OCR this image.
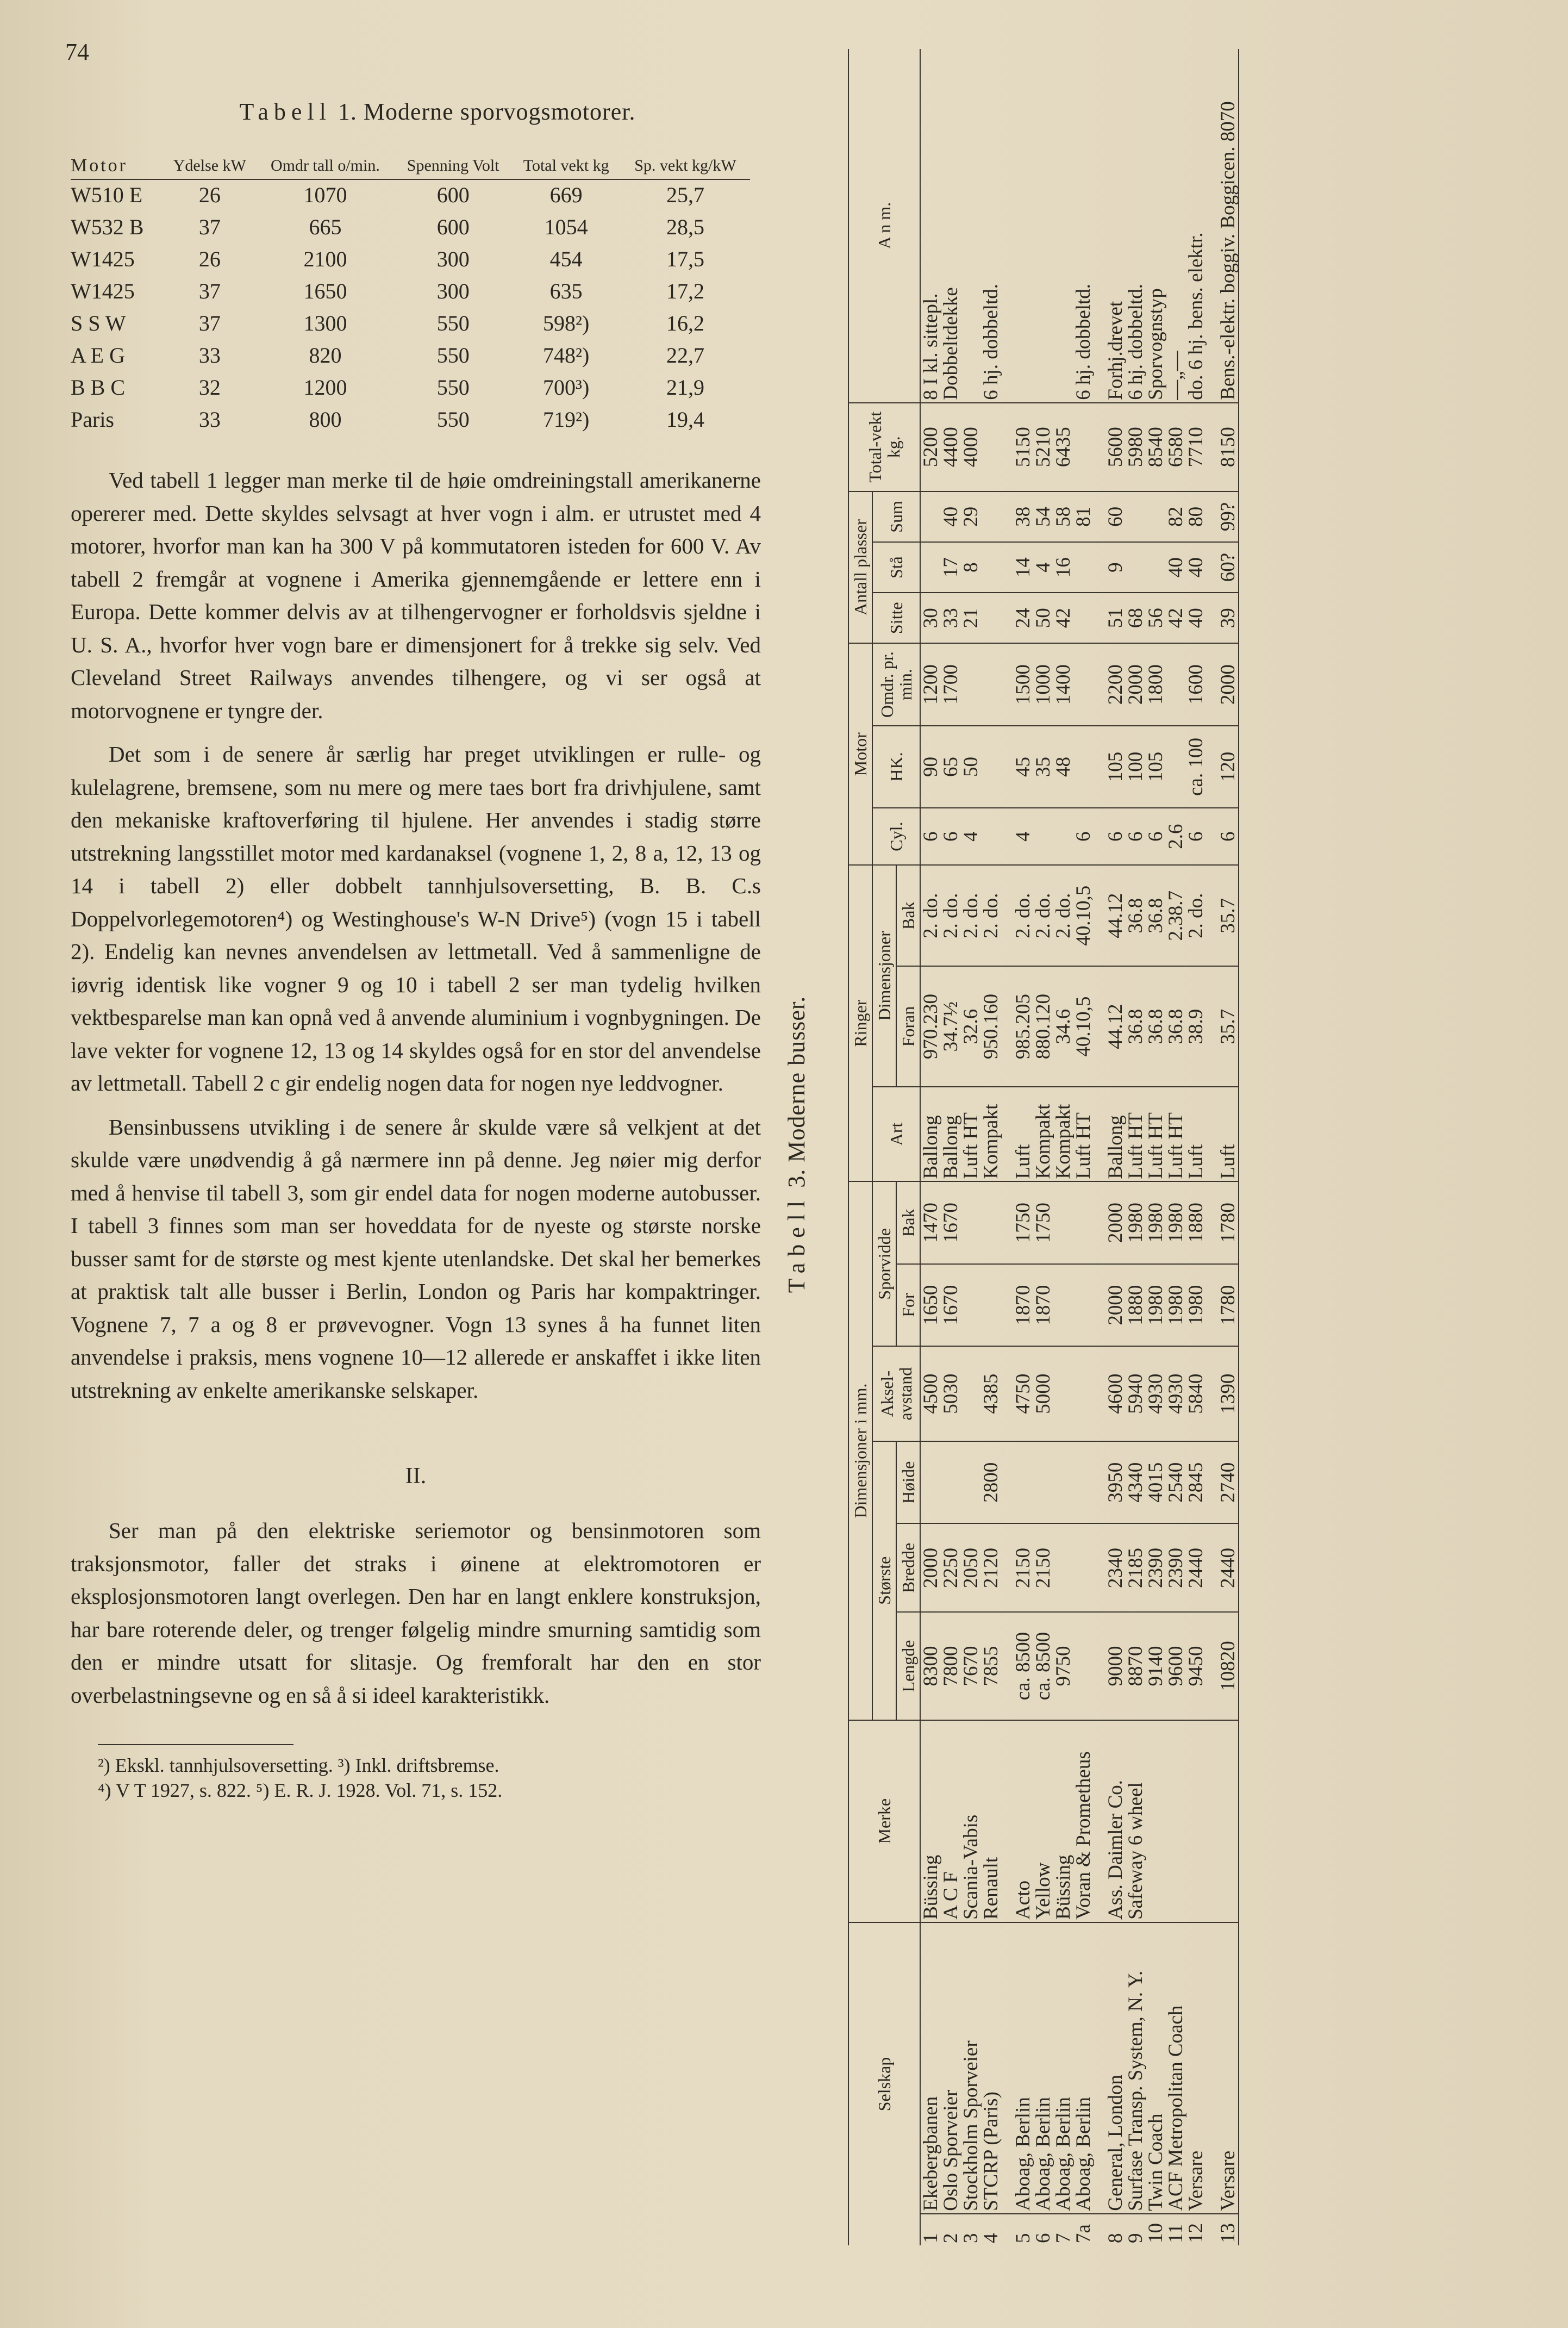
74
Tabell 1. Moderne sporvogsmotorer.
Motor	Ydelse kW	Omdr tall o/min.	Spenning Volt	Total vekt kg	Sp. vekt kg/kW
W510 E	26	1070	600	669	25,7
W532 B	37	665	600	1054	28,5
W1425	26	2100	300	454	17,5
W1425	37	1650	300	635	17,2
S S W	37	1300	550	598²)	16,2
A E G	33	820	550	748²)	22,7
B B C	32	1200	550	700³)	21,9
Paris	33	800	550	719²)	19,4

Ved tabell 1 legger man merke til de høie omdreiningstall amerikanerne opererer med. Dette skyldes selvsagt at hver vogn i alm. er utrustet med 4 motorer, hvorfor man kan ha 300 V på kommutatoren isteden for 600 V. Av tabell 2 fremgår at vognene i Amerika gjennemgående er lettere enn i Europa. Dette kommer delvis av at tilhengervogner er forholdsvis sjeldne i U. S. A., hvorfor hver vogn bare er dimensjonert for å trekke sig selv. Ved Cleveland Street Railways anvendes tilhengere, og vi ser også at motorvognene er tyngre der.

Det som i de senere år særlig har preget utviklingen er rulle- og kulelagrene, bremsene, som nu mere og mere taes bort fra drivhjulene, samt den mekaniske kraftoverføring til hjulene. Her anvendes i stadig større utstrekning langsstillet motor med kardanaksel (vognene 1, 2, 8 a, 12, 13 og 14 i tabell 2) eller dobbelt tannhjulsoversetting, B. B. C.s Doppelvorlegemotoren⁴) og Westinghouse's W-N Drive⁵) (vogn 15 i tabell 2). Endelig kan nevnes anvendelsen av lettmetall. Ved å sammenligne de iøvrig identisk like vogner 9 og 10 i tabell 2 ser man tydelig hvilken vektbesparelse man kan opnå ved å anvende aluminium i vognbygningen. De lave vekter for vognene 12, 13 og 14 skyldes også for en stor del anvendelse av lettmetall. Tabell 2 c gir endelig nogen data for nogen nye leddvogner.

Bensinbussens utvikling i de senere år skulde være så velkjent at det skulde være unødvendig å gå nærmere inn på denne. Jeg nøier mig derfor med å henvise til tabell 3, som gir endel data for nogen moderne autobusser. I tabell 3 finnes som man ser hoveddata for de nyeste og største norske busser samt for de største og mest kjente utenlandske. Det skal her bemerkes at praktisk talt alle busser i Berlin, London og Paris har kompaktringer. Vognene 7, 7 a og 8 er prøvevogner. Vogn 13 synes å ha funnet liten anvendelse i praksis, mens vognene 10—12 allerede er anskaffet i ikke liten utstrekning av enkelte amerikanske selskaper.

II.

Ser man på den elektriske seriemotor og bensinmotoren som traksjonsmotor, faller det straks i øinene at elektromotoren er eksplosjonsmotoren langt overlegen. Den har en langt enklere konstruksjon, har bare roterende deler, og trenger følgelig mindre smurning samtidig som den er mindre utsatt for slitasje. Og fremforalt har den en stor overbelastningsevne og en så å si ideel karakteristikk.

²) Ekskl. tannhjulsoversetting. ³) Inkl. driftsbremse.
⁴) V T 1927, s. 822. ⁵) E. R. J. 1928. Vol. 71, s. 152.
Tabell 3. Moderne busser.
Selskap		Merke	Dimensjoner i mm.						Ringer			Motor			Antall plasser			Total-vekt kg.	A n m.
			Største			Aksel-avstand	Sporvidde		Art	Dimensjoner		Cyl.	HK.	Omdr. pr. min.	Sitte	Stå	Sum		
			Lengde	Bredde	Høide		For	Bak		Foran	Bak								
1	Ekebergbanen	Büssing	8300	2000		4500	1650	1470	Ballong	970.230	2. do.	6	90	1200	30			5200	8 I kl. sittepl.
2	Oslo Sporveier	A C F	7800	2250		5030	1670	1670	Ballong	34.7½	2. do.	6	65	1700	33	17	40	4400	Dobbeltdekke
3	Stockholm Sporveier	Scania-Vabis	7670	2050					Luft HT	32.6	2. do.	4	50		21	8	29	4000	
4	STCRP (Paris)	Renault	7855	2120	2800	4385			Kompakt	950.160	2. do.								6 hj. dobbeltd.

5	Aboag, Berlin	Acto	ca. 8500	2150		4750	1870	1750	Luft	985.205	2. do.	4	45	1500	24	14	38	5150	
6	Aboag, Berlin	Yellow	ca. 8500	2150		5000	1870	1750	Kompakt	880.120	2. do.		35	1000	50	4	54	5210	
7	Aboag, Berlin	Büssing	9750						Kompakt	34.6	2. do.		48	1400	42	16	58	6435	
7a	Aboag, Berlin	Voran & Prometheus							Luft HT	40.10,5	40.10,5	6					81		6 hj. dobbeltd.

8	General, London	Ass. Daimler Co.	9000	2340	3950	4600	2000	2000	Ballong	44.12	44.12	6	105	2200	51	9	60	5600	Forhj.drevet
9	Surfase Transp. System, N. Y.	Safeway 6 wheel	8870	2185	4340	5940	1880	1980	Luft HT	36.8	36.8	6	100	2000	68			5980	6 hj. dobbeltd.
10	Twin Coach		9140	2390	4015	4930	1980	1980	Luft HT	36.8	36.8	6	105	1800	56			8540	Sporvognstyp
11	ACF Metropolitan Coach		9600	2390	2540	4930	1980	1980	Luft HT	36.8	2.38.7	2.6			42	40	82	6580	—„—
12	Versare		9450	2440	2845	5840	1980	1880	Luft	38.9	2. do.	6	ca. 100	1600	40	40	80	7710	do. 6 hj. bens. elektr.

13	Versare		10820	2440	2740	1390	1780	1780	Luft	35.7	35.7	6	120	2000	39	60?	99?	8150	Bens.-elektr. boggiv. Boggicen. 8070
